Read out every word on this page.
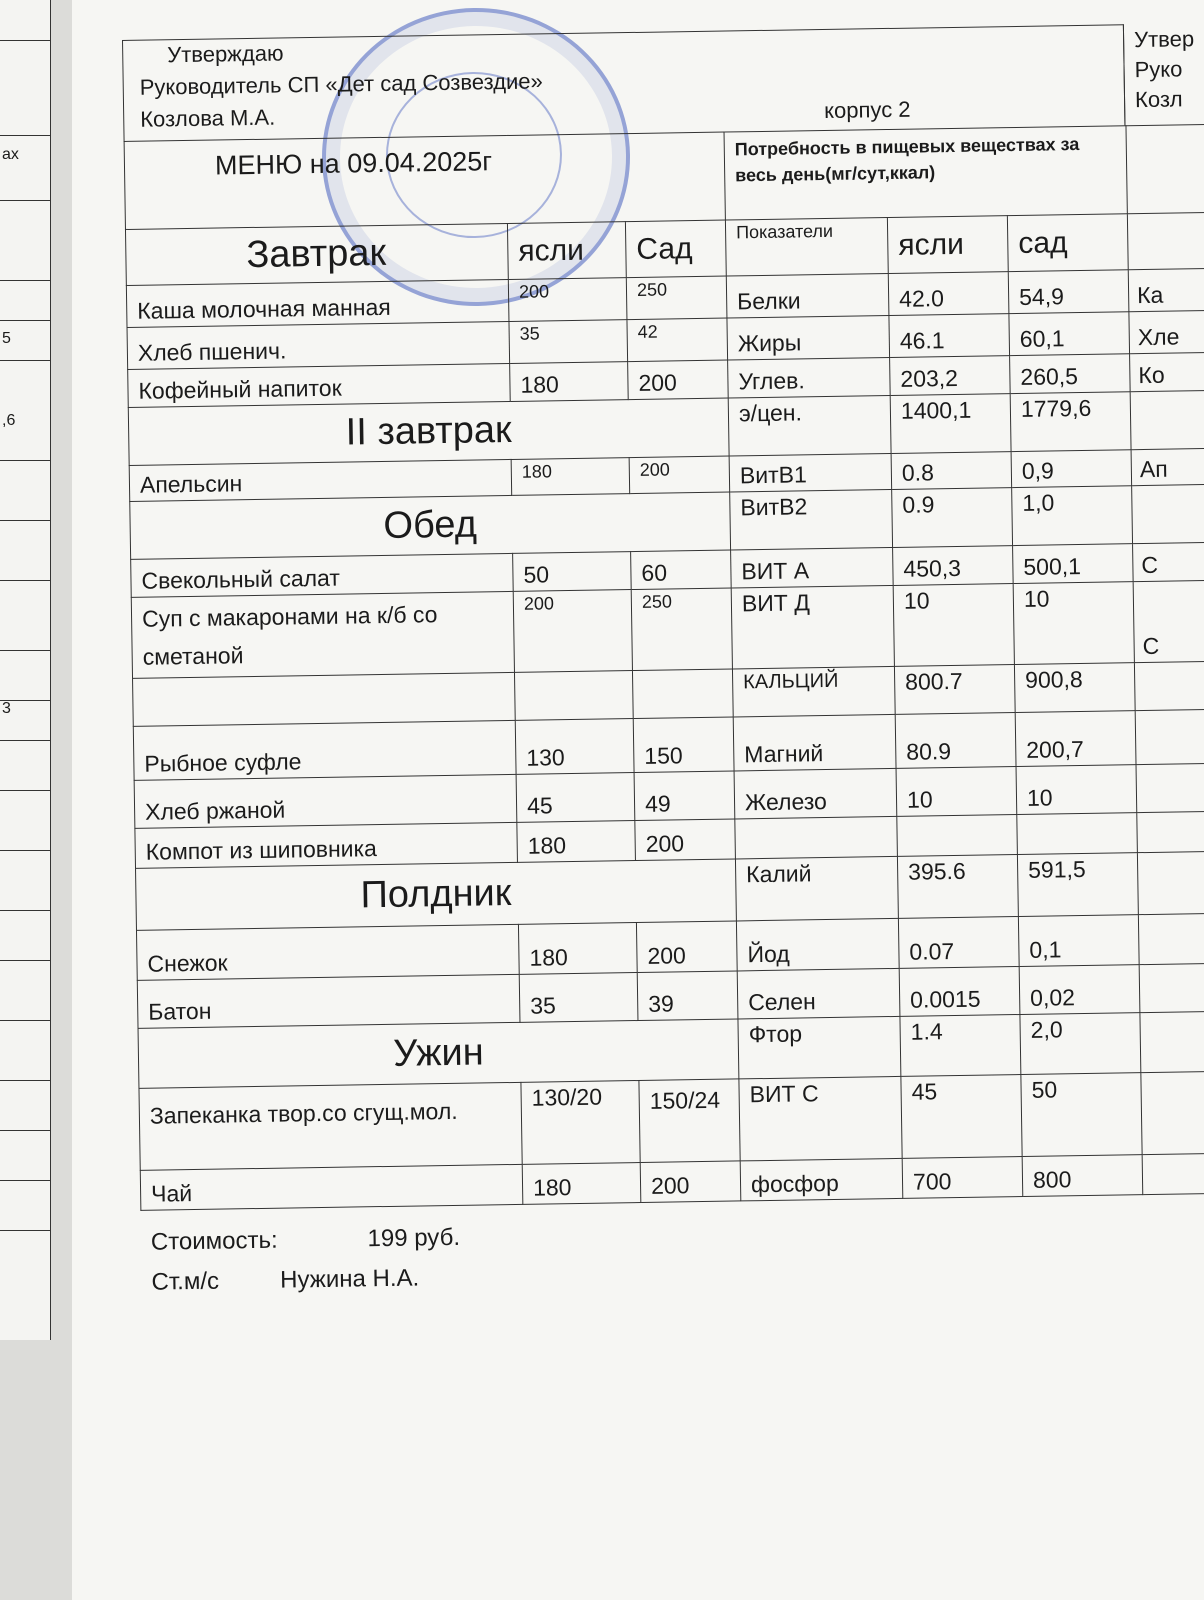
ах
5
,6
3
Утверждаю
Руководитель СП «Дет сад Созвездие»
Козлова М.А.	корпус 2
Утвер
Руко
Козл
МЕНЮ на 09.04.2025г			Потребность в пищевых веществах за весь день(мг/сут,ккал)			
Завтрак	ясли	Сад	Показатели	ясли	сад	
Каша молочная манная	200	250	Белки	42.0	54,9	Ка
Хлеб пшенич.	35	42	Жиры	46.1	60,1	Хле
Кофейный напиток	180	200	Углев.	203,2	260,5	Ко
II завтрак			э/цен.	1400,1	1779,6	
Апельсин	180	200	ВитВ1	0.8	0,9	Ап
Обед			ВитВ2	0.9	1,0	
Свекольный салат	50	60	ВИТ А	450,3	500,1	С
Суп с макаронами на к/б со сметаной	200	250	ВИТ Д	10	10	С
			КАЛЬЦИЙ	800.7	900,8	
Рыбное суфле	130	150	Магний	80.9	200,7	
Хлеб ржаной	45	49	Железо	10	10	
Компот из шиповника	180	200				
Полдник			Калий	395.6	591,5	
Снежок	180	200	Йод	0.07	0,1	
Батон	35	39	Селен	0.0015	0,02	
Ужин			Фтор	1.4	2,0	
Запеканка твор.со сгущ.мол.	130/20	150/24	ВИТ С	45	50	
Чай	180	200	фосфор	700	800	
Стоимость:	199 руб.
Ст.м/с	Нужина Н.А.
